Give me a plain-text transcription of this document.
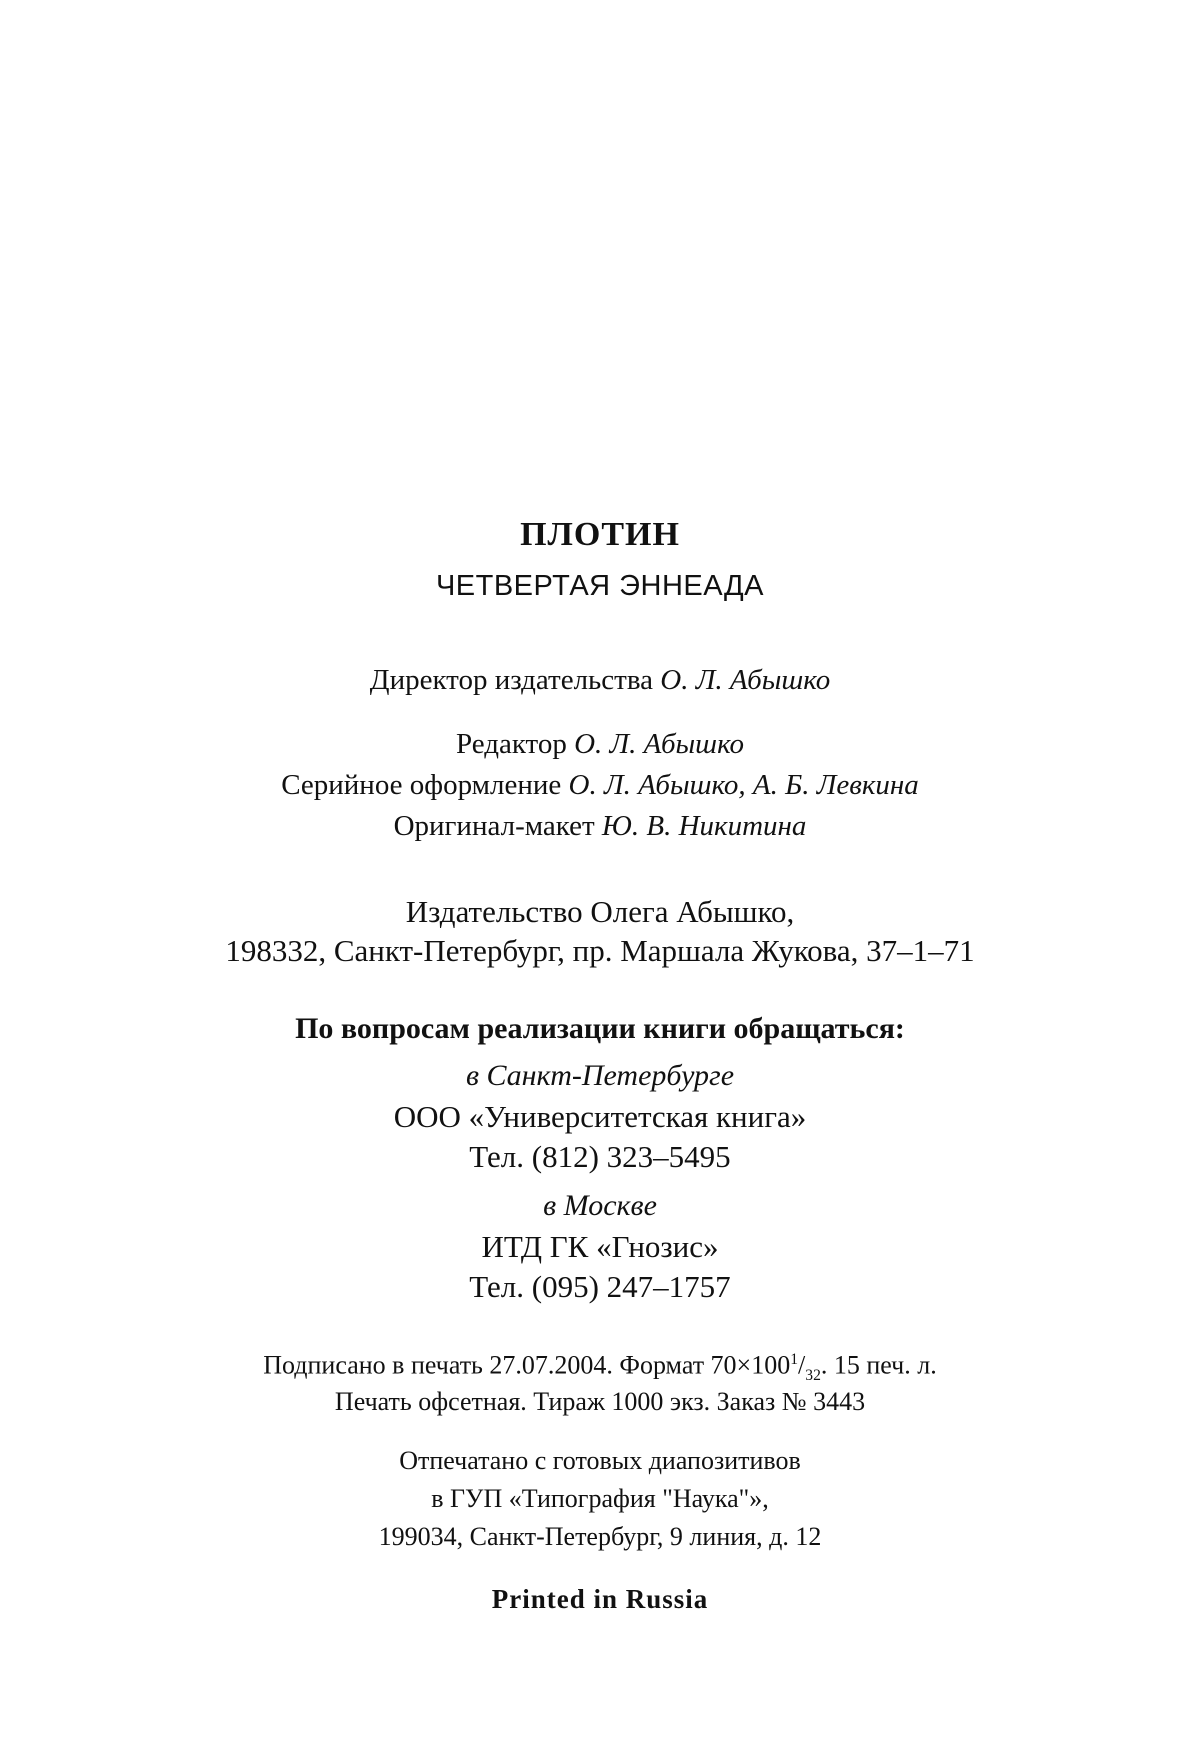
ПЛОТИН
ЧЕТВЕРТАЯ ЭННЕАДА
Директор издательства О. Л. Абышко
Редактор О. Л. Абышко
Серийное оформление О. Л. Абышко, А. Б. Левкина
Оригинал-макет Ю. В. Никитина
Издательство Олега Абышко,
198332, Санкт-Петербург, пр. Маршала Жукова, 37–1–71
По вопросам реализации книги обращаться:
в Санкт-Петербурге
ООО «Университетская книга»
Тел. (812) 323–5495
в Москве
ИТД ГК «Гнозис»
Тел. (095) 247–1757
Подписано в печать 27.07.2004. Формат $70\times 100^1/_{32}$. 15 печ. л.
Печать офсетная. Тираж 1000 экз. Заказ № 3443
Отпечатано с готовых диапозитивов
в ГУП «Типография "Наука"»,
199034, Санкт-Петербург, 9 линия, д. 12
Printed in Russia
